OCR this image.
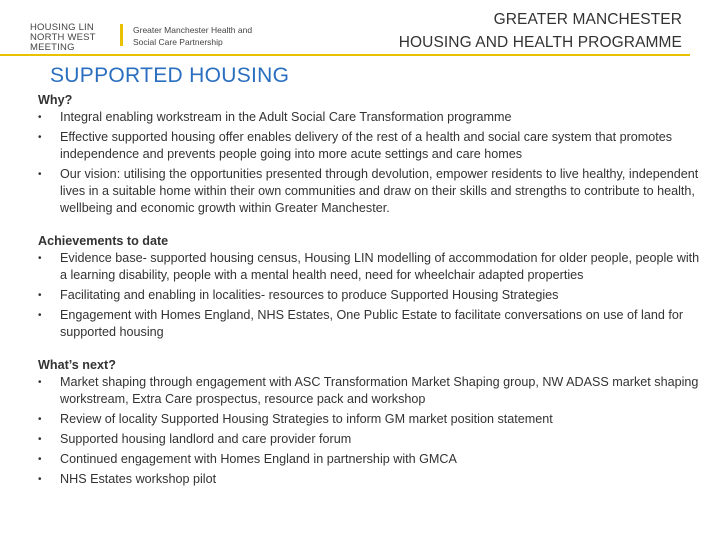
HOUSING LIN NORTH WEST MEETING
Greater Manchester Health and Social Care Partnership
GREATER MANCHESTER
HOUSING AND HEALTH PROGRAMME
SUPPORTED HOUSING
Why?
•	Integral enabling workstream in the Adult Social Care Transformation programme
•	Effective supported housing offer enables delivery of the rest of a health and social care system that promotes independence and prevents people going into more acute settings and care homes
•	Our vision: utilising the opportunities presented through devolution, empower residents to live healthy, independent lives in a suitable home within their own communities and draw on their skills and strengths to contribute to health, wellbeing and economic growth within Greater Manchester.
Achievements to date
•	Evidence base- supported housing census, Housing LIN modelling of accommodation for older people, people with a learning disability, people with a mental health need, need for wheelchair adapted properties
•	Facilitating and enabling in localities- resources to produce Supported Housing Strategies
•	Engagement with Homes England, NHS Estates, One Public Estate to facilitate conversations on use of land for supported housing
What’s next?
•	Market shaping through engagement with ASC Transformation Market Shaping group, NW ADASS market shaping workstream, Extra Care prospectus, resource pack and workshop
•	Review of locality Supported Housing Strategies to inform GM market position statement
•	Supported housing landlord and care provider forum
•	Continued engagement with Homes England in partnership with GMCA
•	NHS Estates workshop pilot
